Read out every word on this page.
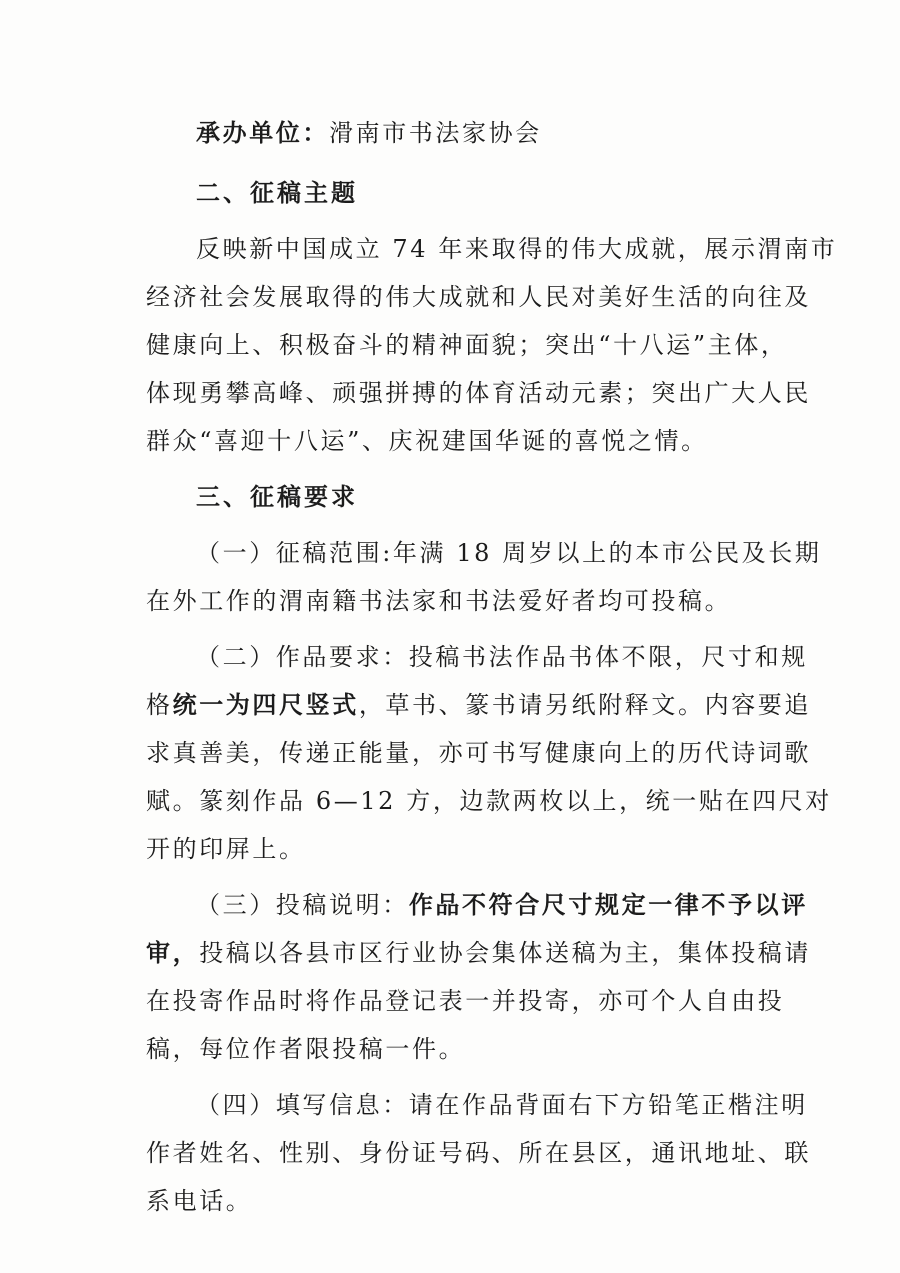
承办单位：滑南市书法家协会
二、征稿主题
反映新中国成立 74 年来取得的伟大成就，展示渭南市
经济社会发展取得的伟大成就和人民对美好生活的向往及
健康向上、积极奋斗的精神面貌；突出“十八运”主体，
体现勇攀高峰、顽强拼搏的体育活动元素；突出广大人民
群众“喜迎十八运”、庆祝建国华诞的喜悦之情。
三、征稿要求
（一）征稿范围:年满 18 周岁以上的本市公民及长期
在外工作的渭南籍书法家和书法爱好者均可投稿。
（二）作品要求：投稿书法作品书体不限，尺寸和规
格统一为四尺竖式，草书、篆书请另纸附释文。内容要追
求真善美，传递正能量，亦可书写健康向上的历代诗词歌
赋。篆刻作品 6—12 方，边款两枚以上，统一贴在四尺对
开的印屏上。
（三）投稿说明：作品不符合尺寸规定一律不予以评
审，投稿以各县市区行业协会集体送稿为主，集体投稿请
在投寄作品时将作品登记表一并投寄，亦可个人自由投
稿，每位作者限投稿一件。
（四）填写信息：请在作品背面右下方铅笔正楷注明
作者姓名、性别、身份证号码、所在县区，通讯地址、联
系电话。
